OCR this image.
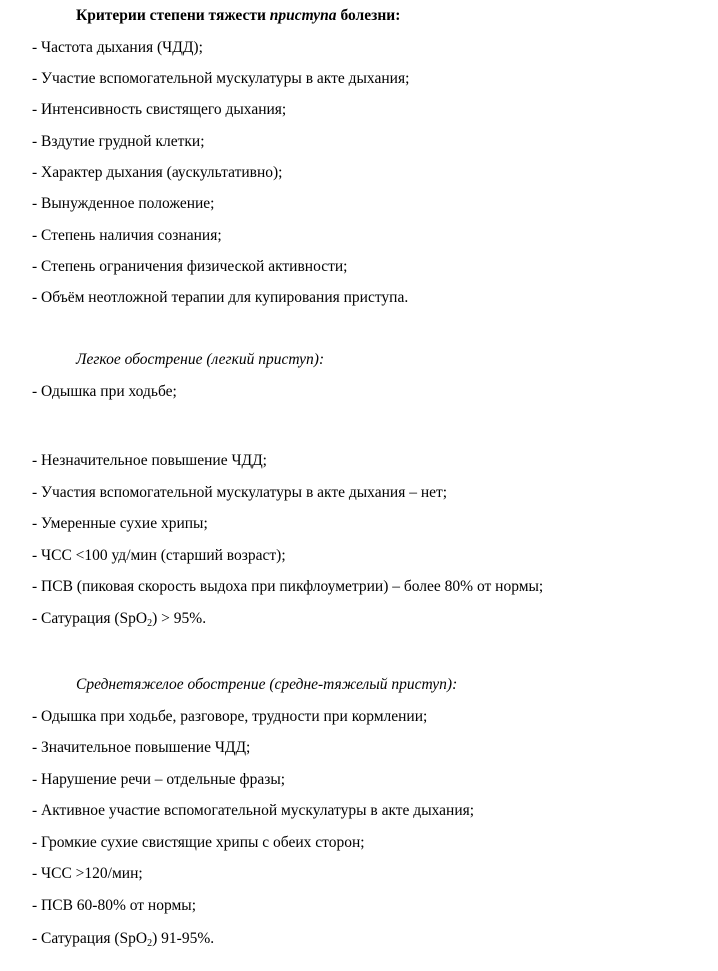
Критерии степени тяжести приступа болезни:
- Частота дыхания (ЧДД);
- Участие вспомогательной мускулатуры в акте дыхания;
- Интенсивность свистящего дыхания;
- Вздутие грудной клетки;
- Характер дыхания (аускультативно);
- Вынужденное положение;
- Степень наличия сознания;
- Степень ограничения физической активности;
- Объём неотложной терапии для купирования приступа.
Легкое обострение (легкий приступ):
- Одышка при ходьбе;
- Незначительное повышение ЧДД;
- Участия вспомогательной мускулатуры в акте дыхания – нет;
- Умеренные сухие хрипы;
- ЧСС <100 уд/мин (старший возраст);
- ПСВ (пиковая скорость выдоха при пикфлоуметрии) – более 80% от нормы;
- Сатурация (SpO$_2$) > 95%.
Среднетяжелое обострение (средне-тяжелый приступ):
- Одышка при ходьбе, разговоре, трудности при кормлении;
- Значительное повышение ЧДД;
- Нарушение речи – отдельные фразы;
- Активное участие вспомогательной мускулатуры в акте дыхания;
- Громкие сухие свистящие хрипы с обеих сторон;
- ЧСС >120/мин;
- ПСВ 60-80% от нормы;
- Сатурация (SpO$_2$) 91-95%.
